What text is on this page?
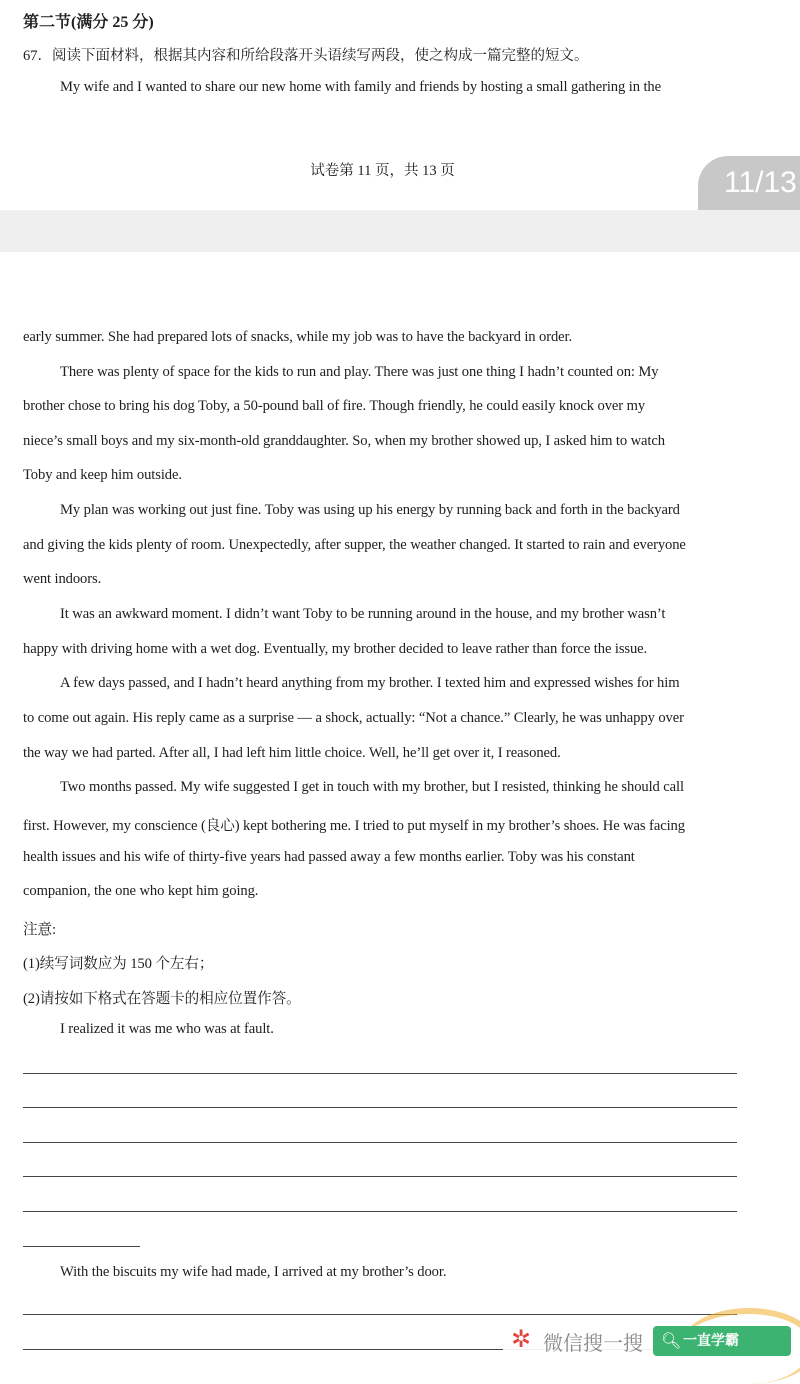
第二节(满分 25 分)
67．阅读下面材料，根据其内容和所给段落开头语续写两段，使之构成一篇完整的短文。
My wife and I wanted to share our new home with family and friends by hosting a small gathering in the
试卷第 11 页，共 13 页	11/13
early summer. She had prepared lots of snacks, while my job was to have the backyard in order.
There was plenty of space for the kids to run and play. There was just one thing I hadn’t counted on: My
brother chose to bring his dog Toby, a 50-pound ball of fire. Though friendly, he could easily knock over my
niece’s small boys and my six-month-old granddaughter. So, when my brother showed up, I asked him to watch
Toby and keep him outside.
My plan was working out just fine. Toby was using up his energy by running back and forth in the backyard
and giving the kids plenty of room. Unexpectedly, after supper, the weather changed. It started to rain and everyone
went indoors.
It was an awkward moment. I didn’t want Toby to be running around in the house, and my brother wasn’t
happy with driving home with a wet dog. Eventually, my brother decided to leave rather than force the issue.
A few days passed, and I hadn’t heard anything from my brother. I texted him and expressed wishes for him
to come out again. His reply came as a surprise — a shock, actually: “Not a chance.” Clearly, he was unhappy over
the way we had parted. After all, I had left him little choice. Well, he’ll get over it, I reasoned.
Two months passed. My wife suggested I get in touch with my brother, but I resisted, thinking he should call
first. However, my conscience (良心) kept bothering me. I tried to put myself in my brother’s shoes. He was facing
health issues and his wife of thirty-five years had passed away a few months earlier. Toby was his constant
companion, the one who kept him going.
注意:
(1)续写词数应为 150 个左右；
(2)请按如下格式在答题卡的相应位置作答。
I realized it was me who was at fault.
With the biscuits my wife had made, I arrived at my brother’s door.
✲ 微信搜一搜 🔍︎ 一直学霸
